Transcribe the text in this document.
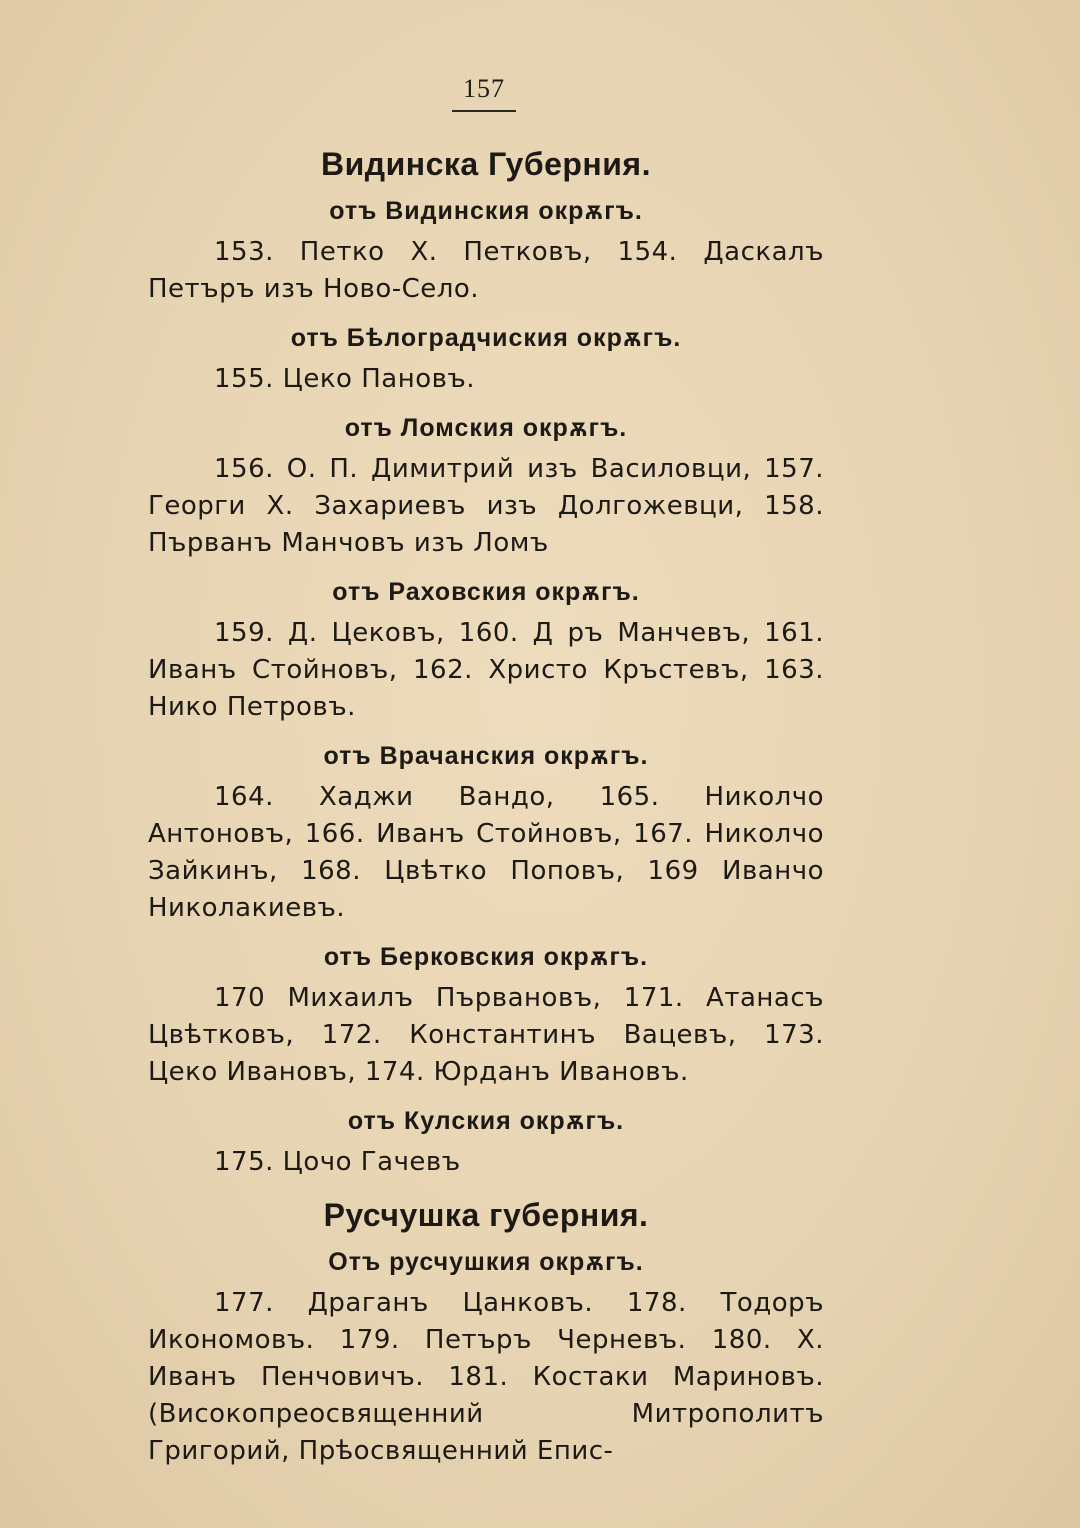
157
Видинска Губерния.
отъ Видинския окрѫгъ.

153. Петко Х. Петковъ, 154. Даскалъ Петъръ изъ Ново-Село.

отъ Бѣлоградчиския окрѫгъ.

155. Цеко Пановъ.

отъ Ломския окрѫгъ.

156. О. П. Димитрий изъ Василовци, 157. Георги Х. Захариевъ изъ Долгожевци, 158. Първанъ Манчовъ изъ Ломъ

отъ Раховския окрѫгъ.

159. Д. Цековъ, 160. Д ръ Манчевъ, 161. Иванъ Стойновъ, 162. Христо Кръстевъ, 163. Нико Петровъ.

отъ Врачанския окрѫгъ.

164. Хаджи Вандо, 165. Николчо Антоновъ, 166. Иванъ Стойновъ, 167. Николчо Зайкинъ, 168. Цвѣтко Поповъ, 169 Иванчо Николакиевъ.

отъ Берковския окрѫгъ.

170 Михаилъ Първановъ, 171. Атанасъ Цвѣтковъ, 172. Константинъ Вацевъ, 173. Цеко Ивановъ, 174. Юрданъ Ивановъ.

отъ Кулския окрѫгъ.

175. Цочо Гачевъ

Русчушка губерния.
Отъ русчушкия окрѫгъ.

177. Драганъ Цанковъ. 178. Тодоръ Икономовъ. 179. Петъръ Черневъ. 180. Х. Иванъ Пенчовичъ. 181. Костаки Мариновъ. (Високопреосвященний Митрополитъ Григорий, Прѣосвященний Епис-
